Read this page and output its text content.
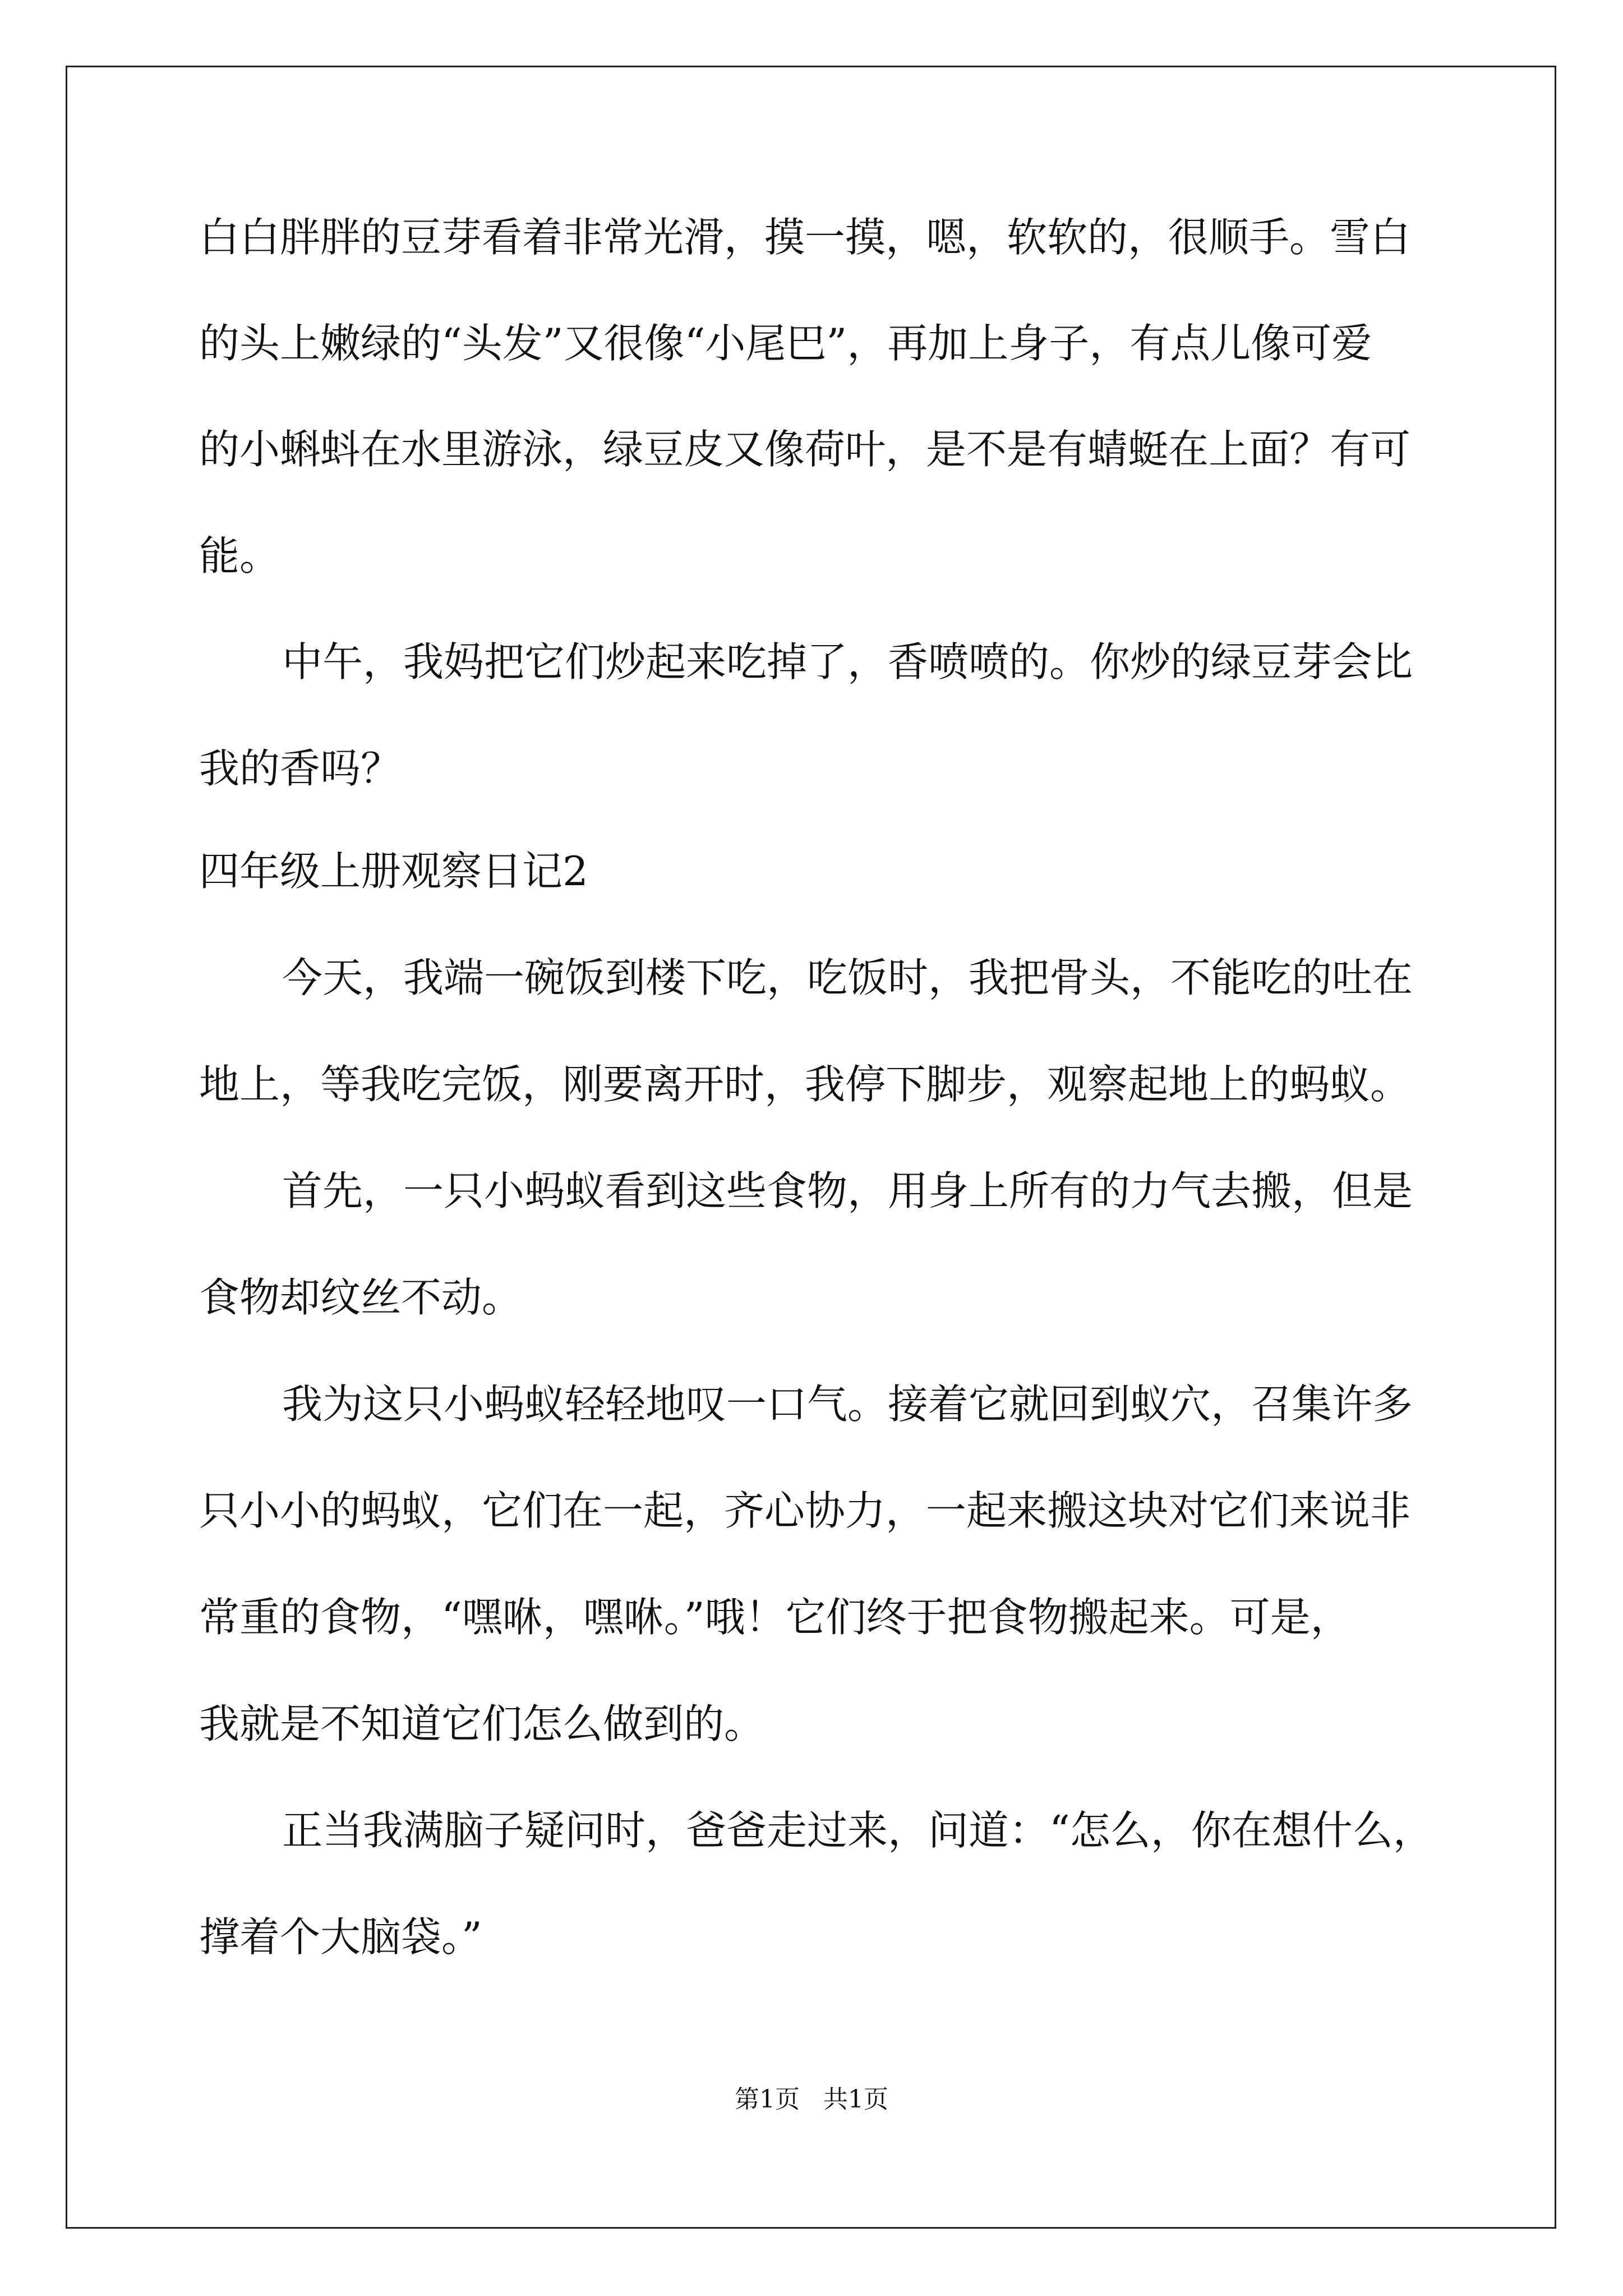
白白胖胖的豆芽看着非常光滑，摸一摸，嗯，软软的，很顺手。雪白
的头上嫩绿的“头发”又很像“小尾巴”，再加上身子，有点儿像可爱
的小蝌蚪在水里游泳，绿豆皮又像荷叶，是不是有蜻蜓在上面？有可
能。
中午，我妈把它们炒起来吃掉了，香喷喷的。你炒的绿豆芽会比
我的香吗？
四年级上册观察日记2
今天，我端一碗饭到楼下吃，吃饭时，我把骨头，不能吃的吐在
地上，等我吃完饭，刚要离开时，我停下脚步，观察起地上的蚂蚁。
首先，一只小蚂蚁看到这些食物，用身上所有的力气去搬，但是
食物却纹丝不动。
我为这只小蚂蚁轻轻地叹一口气。接着它就回到蚁穴，召集许多
只小小的蚂蚁，它们在一起，齐心协力，一起来搬这块对它们来说非
常重的食物，“嘿咻，嘿咻。”哦！它们终于把食物搬起来。可是，
我就是不知道它们怎么做到的。
正当我满脑子疑问时，爸爸走过来，问道：“怎么，你在想什么，
撑着个大脑袋。”
第1页   共1页
